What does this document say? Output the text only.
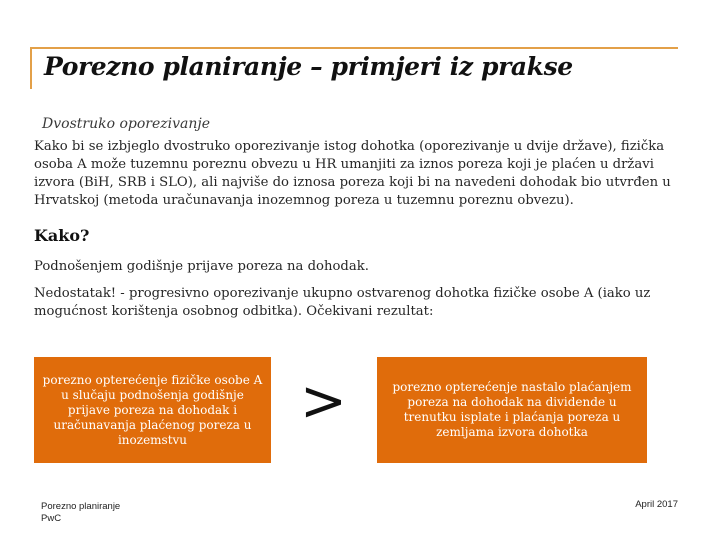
Porezno planiranje – primjeri iz prakse
Dvostruko oporezivanje
Kako bi se izbjeglo dvostruko oporezivanje istog dohotka (oporezivanje u dvije države), fizička osoba A može tuzemnu poreznu obvezu u HR umanjiti za iznos poreza koji je plaćen u državi izvora (BiH, SRB i SLO), ali najviše do iznosa poreza koji bi na navedeni dohodak bio utvrđen u Hrvatskoj (metoda uračunavanja inozemnog poreza u tuzemnu poreznu obvezu).
Kako?
Podnošenjem godišnje prijave poreza na dohodak.
Nedostatak! - progresivno oporezivanje ukupno ostvarenog dohotka fizičke osobe A (iako uz mogućnost korištenja osobnog odbitka). Očekivani rezultat:
porezno opterećenje fizičke osobe A u slučaju podnošenja godišnje prijave poreza na dohodak i uračunavanja plaćenog poreza u inozemstvu
>	porezno opterećenje nastalo plaćanjem poreza na dohodak na dividende u trenutku isplate i plaćanja poreza u zemljama izvora dohotka
Porezno planiranje
PwC
April 2017
